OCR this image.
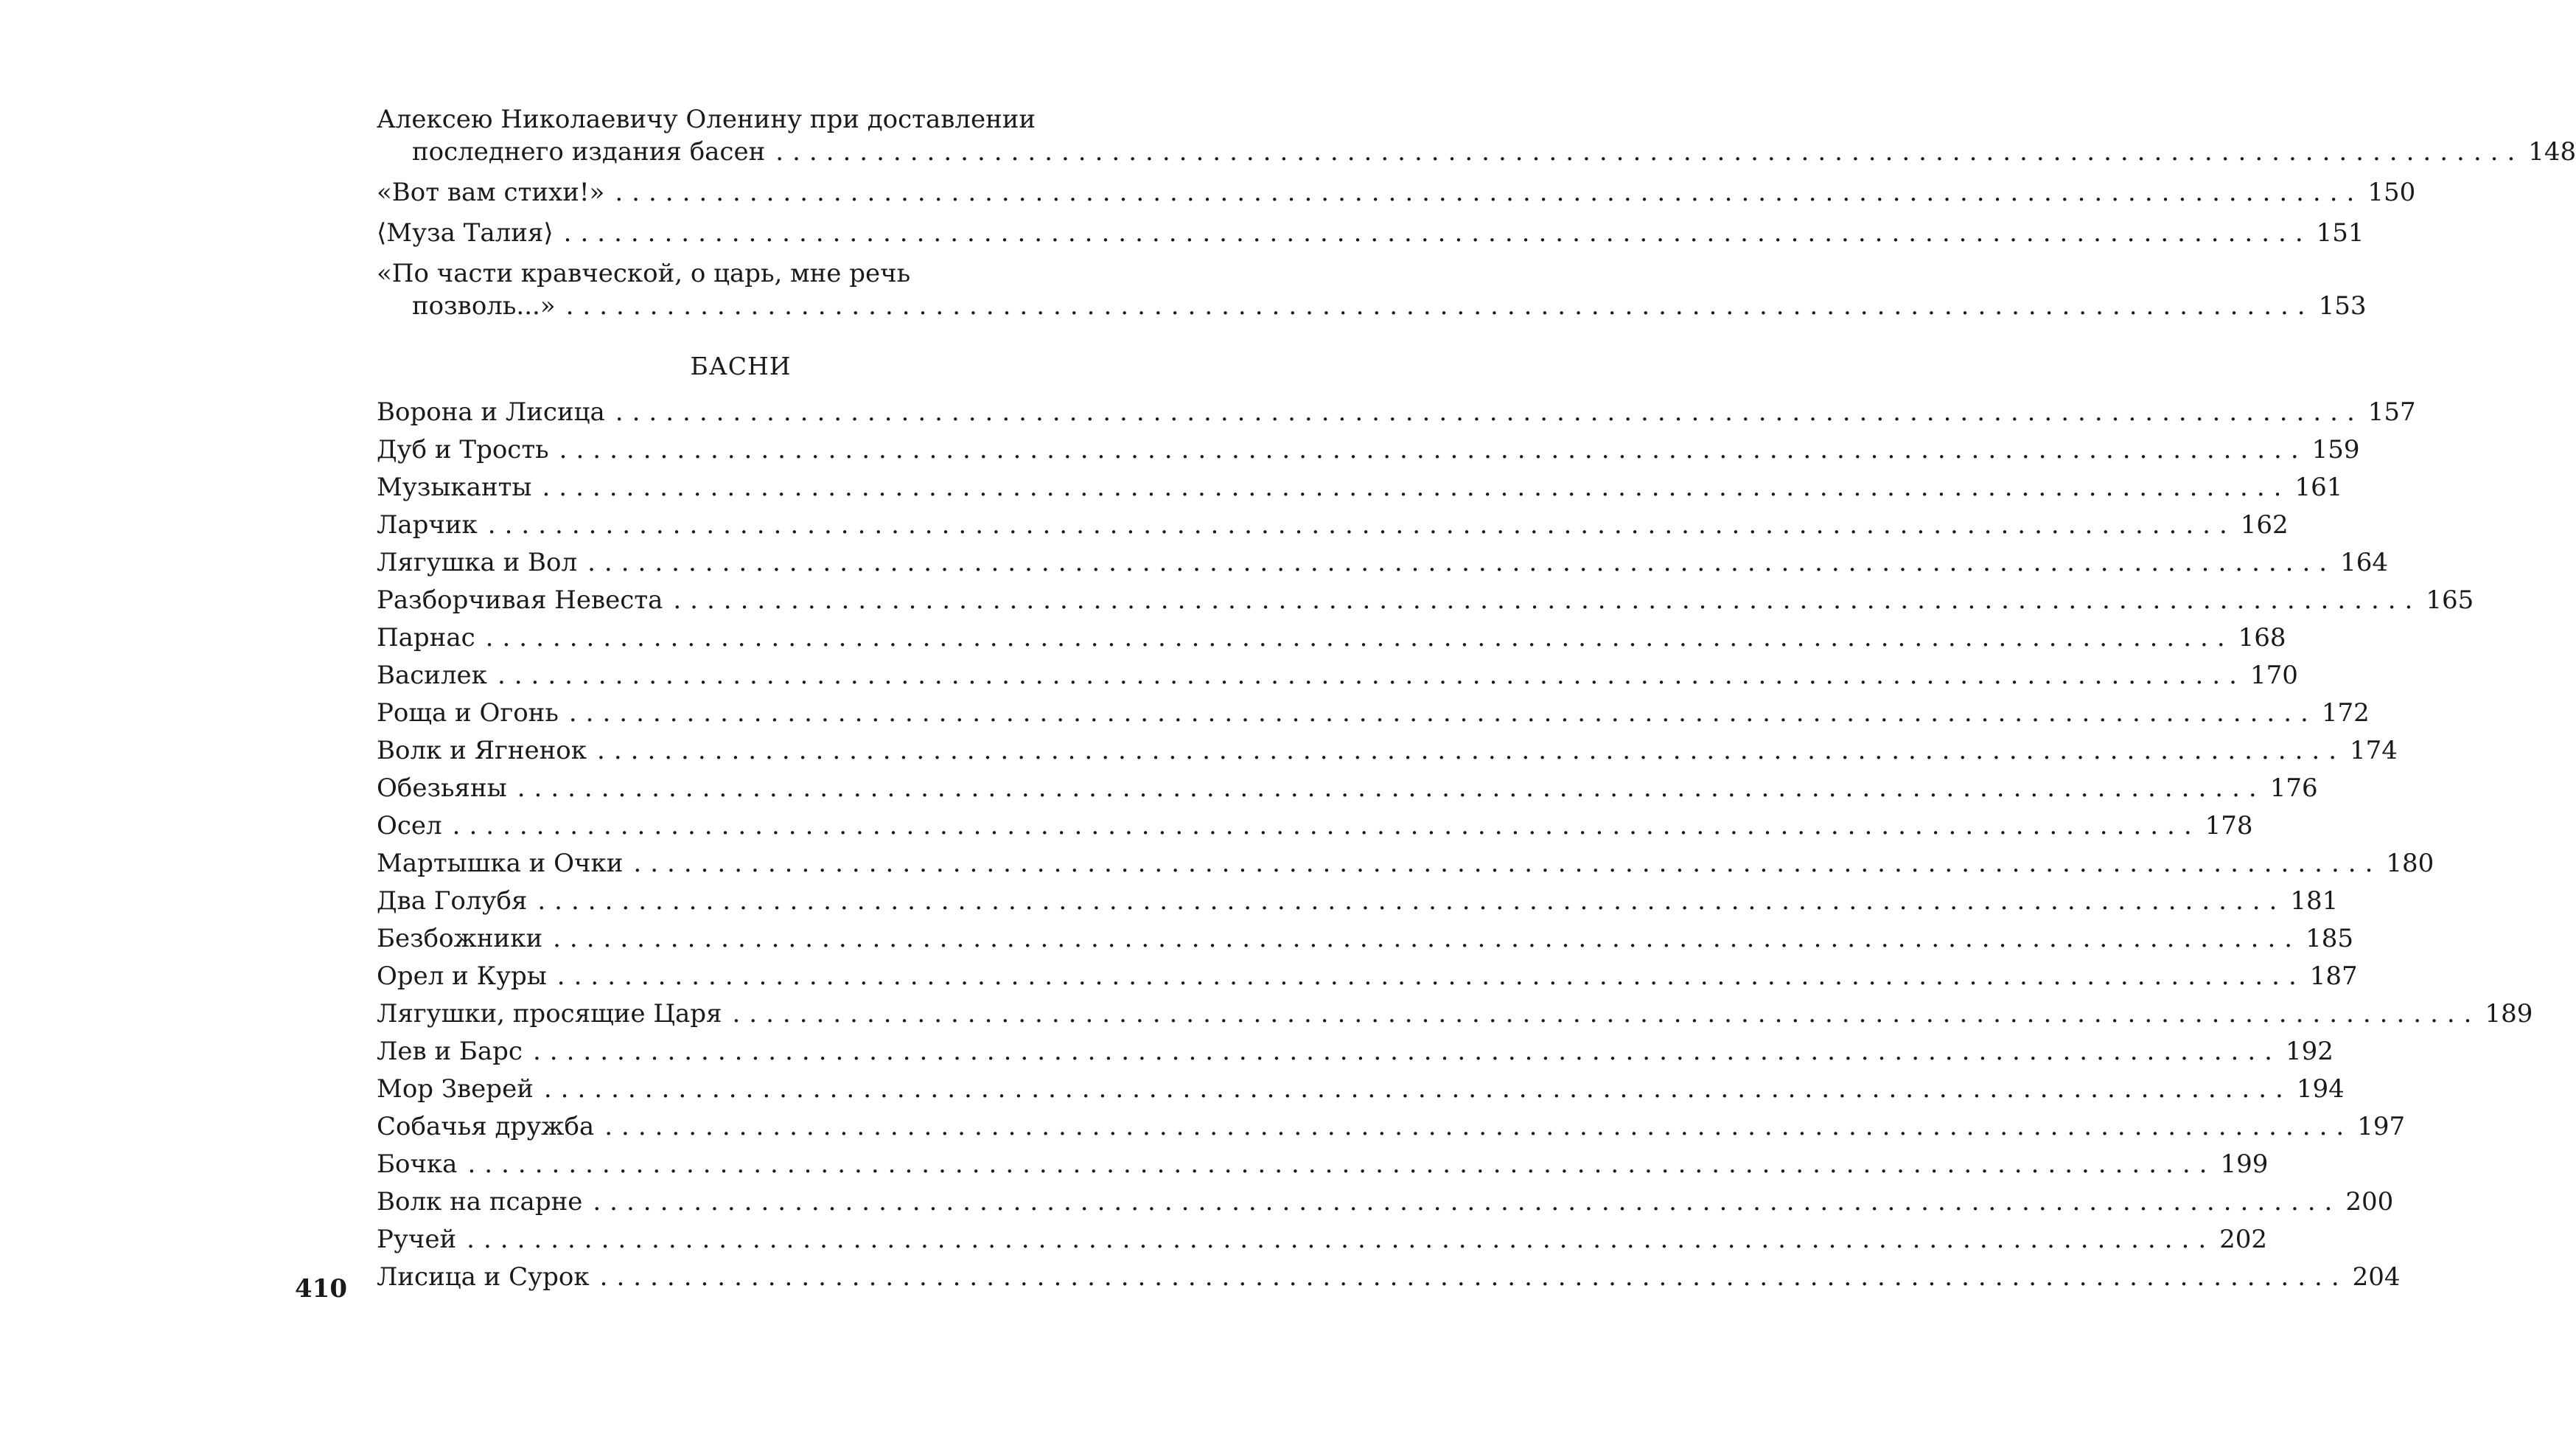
Алексею Николаевичу Оленину при доставлении
последнего издания басен ........................................................................................................ 148
«Вот вам стихи!» ........................................................................................................ 150
⟨Муза Талия⟩ ........................................................................................................ 151
«По части кравческой, о царь, мне речь
позволь...» ........................................................................................................ 153
БАСНИ
Ворона и Лисица ........................................................................................................ 157
Дуб и Трость ........................................................................................................ 159
Музыканты ........................................................................................................ 161
Ларчик ........................................................................................................ 162
Лягушка и Вол ........................................................................................................ 164
Разборчивая Невеста ........................................................................................................ 165
Парнас ........................................................................................................ 168
Василек ........................................................................................................ 170
Роща и Огонь ........................................................................................................ 172
Волк и Ягненок ........................................................................................................ 174
Обезьяны ........................................................................................................ 176
Осел ........................................................................................................ 178
Мартышка и Очки ........................................................................................................ 180
Два Голубя ........................................................................................................ 181
Безбожники ........................................................................................................ 185
Орел и Куры ........................................................................................................ 187
Лягушки, просящие Царя ........................................................................................................ 189
Лев и Барс ........................................................................................................ 192
Мор Зверей ........................................................................................................ 194
Собачья дружба ........................................................................................................ 197
Бочка ........................................................................................................ 199
Волк на псарне ........................................................................................................ 200
Ручей ........................................................................................................ 202
Лисица и Сурок ........................................................................................................ 204
410
